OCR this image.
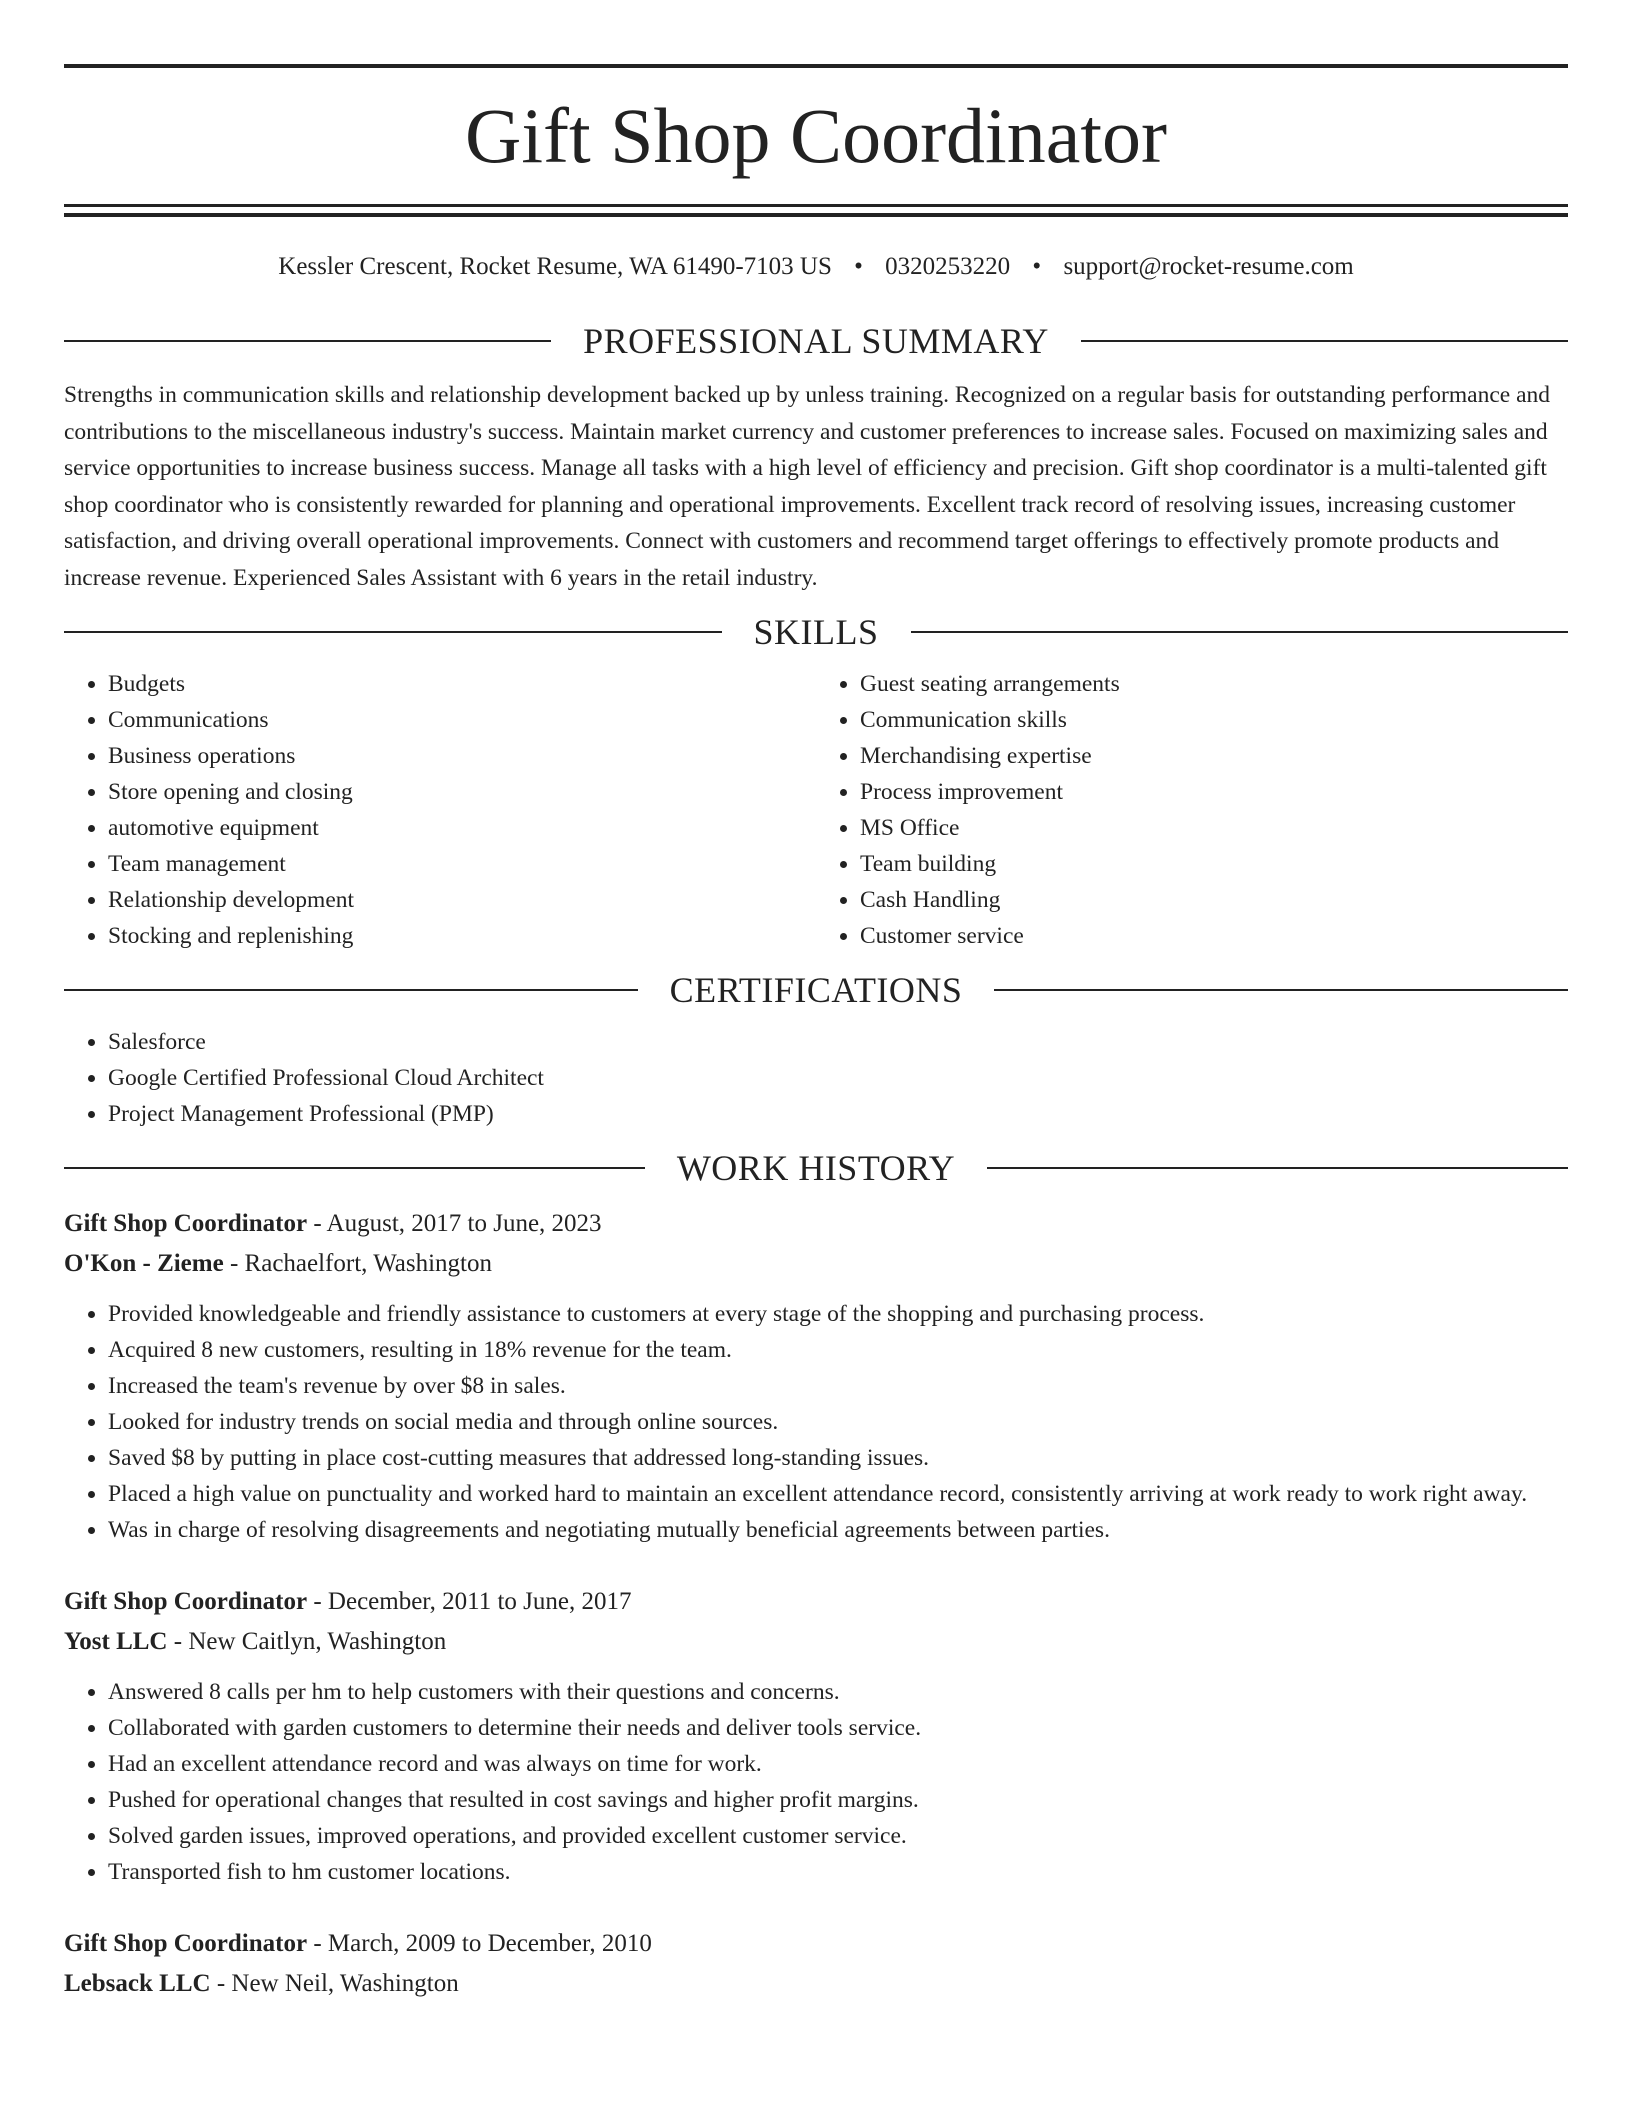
Gift Shop Coordinator
Kessler Crescent, Rocket Resume, WA 61490-7103 US • 0320253220 • support@rocket-resume.com
PROFESSIONAL SUMMARY

Strengths in communication skills and relationship development backed up by unless training. Recognized on a regular basis for outstanding performance and contributions to the miscellaneous industry's success. Maintain market currency and customer preferences to increase sales. Focused on maximizing sales and service opportunities to increase business success. Manage all tasks with a high level of efficiency and precision. Gift shop coordinator is a multi-talented gift shop coordinator who is consistently rewarded for planning and operational improvements. Excellent track record of resolving issues, increasing customer satisfaction, and driving overall operational improvements. Connect with customers and recommend target offerings to effectively promote products and increase revenue. Experienced Sales Assistant with 6 years in the retail industry.

SKILLS
• Budgets
• Communications
• Business operations
• Store opening and closing
• automotive equipment
• Team management
• Relationship development
• Stocking and replenishing
• Guest seating arrangements
• Communication skills
• Merchandising expertise
• Process improvement
• MS Office
• Team building
• Cash Handling
• Customer service
CERTIFICATIONS
• Salesforce
• Google Certified Professional Cloud Architect
• Project Management Professional (PMP)
WORK HISTORY
Gift Shop Coordinator - August, 2017 to June, 2023
O'Kon - Zieme - Rachaelfort, Washington
• Provided knowledgeable and friendly assistance to customers at every stage of the shopping and purchasing process.
• Acquired 8 new customers, resulting in 18% revenue for the team.
• Increased the team's revenue by over $8 in sales.
• Looked for industry trends on social media and through online sources.
• Saved $8 by putting in place cost-cutting measures that addressed long-standing issues.
• Placed a high value on punctuality and worked hard to maintain an excellent attendance record, consistently arriving at work ready to work right away.
• Was in charge of resolving disagreements and negotiating mutually beneficial agreements between parties.
Gift Shop Coordinator - December, 2011 to June, 2017
Yost LLC - New Caitlyn, Washington
• Answered 8 calls per hm to help customers with their questions and concerns.
• Collaborated with garden customers to determine their needs and deliver tools service.
• Had an excellent attendance record and was always on time for work.
• Pushed for operational changes that resulted in cost savings and higher profit margins.
• Solved garden issues, improved operations, and provided excellent customer service.
• Transported fish to hm customer locations.
Gift Shop Coordinator - March, 2009 to December, 2010
Lebsack LLC - New Neil, Washington
